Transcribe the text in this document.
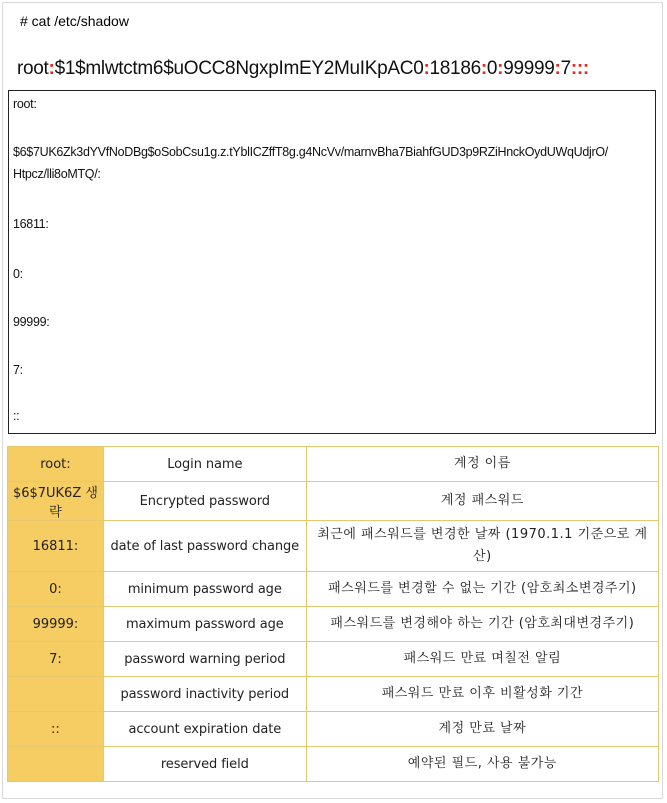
# cat /etc/shadow
root:$1$mlwtctm6$uOCC8NgxpImEY2MuIKpAC0:18186:0:99999:7:::
root:
$6$7UK6Zk3dYVfNoDBg$oSobCsu1g.z.tYblICZffT8g.g4NcVv/marnvBha7BiahfGUD3p9RZiHnckOydUWqUdjrO/
Htpcz/lli8oMTQ/:
16811:
0:
99999:
7:
::
root:	Login name	계정 이름
$6$7UK6Z 생략	Encrypted password	계정 패스워드
16811:	date of last password change	최근에 패스워드를 변경한 날짜 (1970.1.1 기준으로 계산)

0:	minimum password age	패스워드를 변경할 수 없는 기간 (암호최소변경주기)
99999:	maximum password age	패스워드를 변경해야 하는 기간 (암호최대변경주기)
7:	password warning period	패스워드 만료 며칠전 알림
	password inactivity period	패스워드 만료 이후 비활성화 기간
::	account expiration date	계정 만료 날짜
	reserved field	예약된 필드, 사용 불가능
